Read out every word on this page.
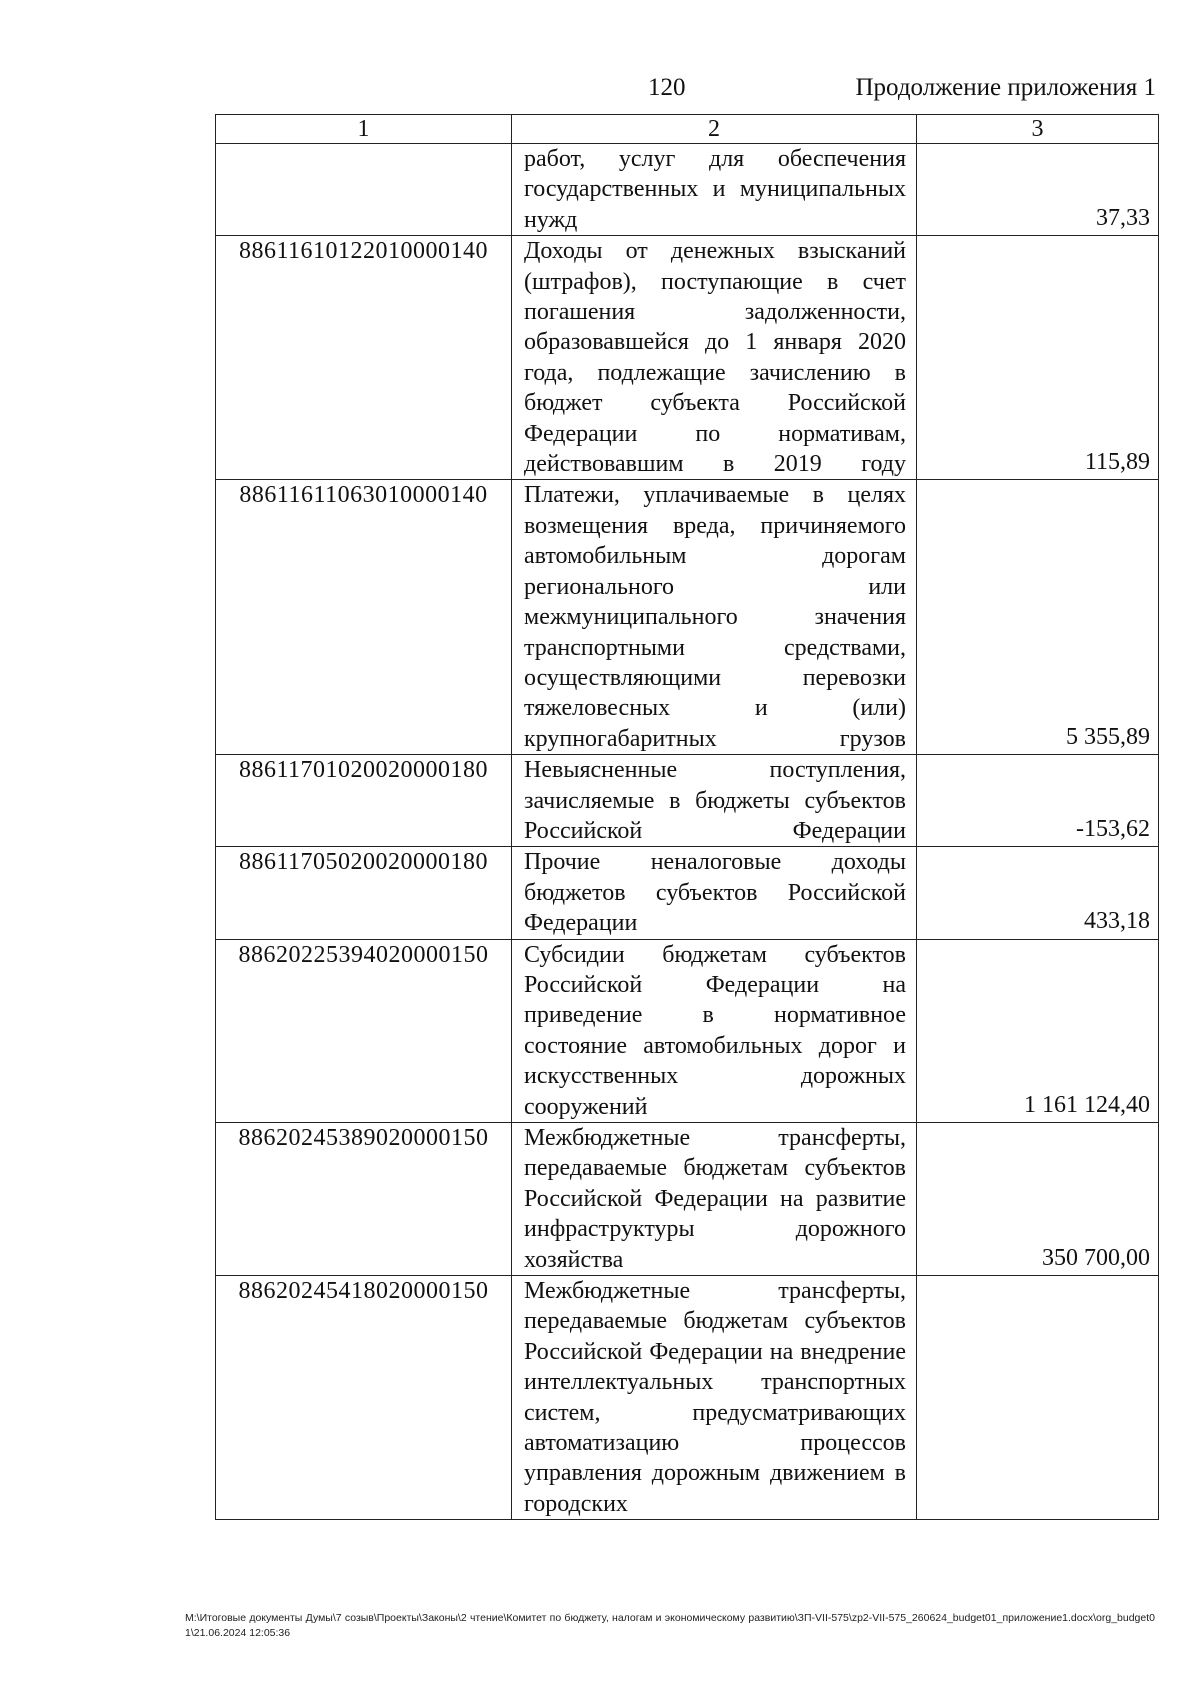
120	Продолжение приложения 1
1	2	3
	работ, услуг для обеспечения государственных и муниципальных нужд	37,33
88611610122010000140	Доходы от денежных взысканий (штрафов), поступающие в счет погашения задолженности, образовавшейся до 1 января 2020 года, подлежащие зачислению в бюджет субъекта Российской Федерации по нормативам, действовавшим в 2019 году	115,89
88611611063010000140	Платежи, уплачиваемые в целях возмещения вреда, причиняемого автомобильным дорогам регионального или межмуниципального значения транспортными средствами, осуществляющими перевозки тяжеловесных и (или) крупногабаритных грузов	5 355,89
88611701020020000180	Невыясненные поступления, зачисляемые в бюджеты субъектов Российской Федерации	-153,62
88611705020020000180	Прочие неналоговые доходы бюджетов субъектов Российской Федерации	433,18
88620225394020000150	Субсидии бюджетам субъектов Российской Федерации на приведение в нормативное состояние автомобильных дорог и искусственных дорожных сооружений	1 161 124,40
88620245389020000150	Межбюджетные трансферты, передаваемые бюджетам субъектов Российской Федерации на развитие инфраструктуры дорожного хозяйства	350 700,00
88620245418020000150	Межбюджетные трансферты, передаваемые бюджетам субъектов Российской Федерации на внедрение интеллектуальных транспортных систем, предусматривающих автоматизацию процессов управления дорожным движением в городских	
М:\Итоговые документы Думы\7 созыв\Проекты\Законы\2 чтение\Комитет по бюджету, налогам и экономическому развитию\ЗП-VII-575\zp2-VII-575_260624_budget01_приложение1.docx\org_budget01\21.06.2024 12:05:36
